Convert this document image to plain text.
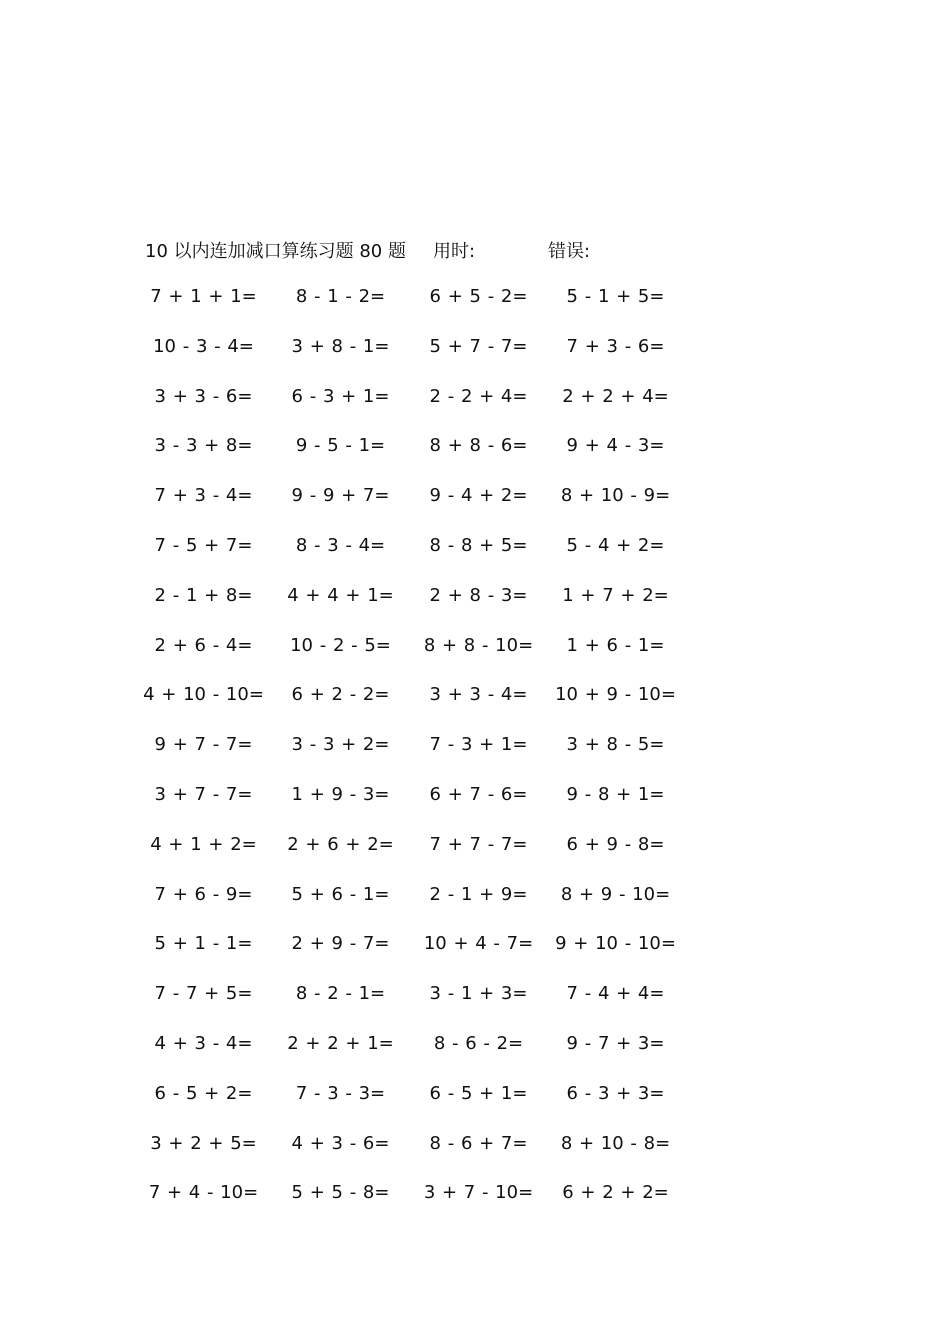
10 以内连加减口算练习题 80 题 用时:	错误:
7 + 1 + 1=	8 - 1 - 2=	6 + 5 - 2=	5 - 1 + 5=
10 - 3 - 4=	3 + 8 - 1=	5 + 7 - 7=	7 + 3 - 6=
3 + 3 - 6=	6 - 3 + 1=	2 - 2 + 4=	2 + 2 + 4=
3 - 3 + 8=	9 - 5 - 1=	8 + 8 - 6=	9 + 4 - 3=
7 + 3 - 4=	9 - 9 + 7=	9 - 4 + 2=	8 + 10 - 9=
7 - 5 + 7=	8 - 3 - 4=	8 - 8 + 5=	5 - 4 + 2=
2 - 1 + 8=	4 + 4 + 1=	2 + 8 - 3=	1 + 7 + 2=
2 + 6 - 4=	10 - 2 - 5=	8 + 8 - 10=	1 + 6 - 1=
4 + 10 - 10=	6 + 2 - 2=	3 + 3 - 4=	10 + 9 - 10=
9 + 7 - 7=	3 - 3 + 2=	7 - 3 + 1=	3 + 8 - 5=
3 + 7 - 7=	1 + 9 - 3=	6 + 7 - 6=	9 - 8 + 1=
4 + 1 + 2=	2 + 6 + 2=	7 + 7 - 7=	6 + 9 - 8=
7 + 6 - 9=	5 + 6 - 1=	2 - 1 + 9=	8 + 9 - 10=
5 + 1 - 1=	2 + 9 - 7=	10 + 4 - 7=	9 + 10 - 10=
7 - 7 + 5=	8 - 2 - 1=	3 - 1 + 3=	7 - 4 + 4=
4 + 3 - 4=	2 + 2 + 1=	8 - 6 - 2=	9 - 7 + 3=
6 - 5 + 2=	7 - 3 - 3=	6 - 5 + 1=	6 - 3 + 3=
3 + 2 + 5=	4 + 3 - 6=	8 - 6 + 7=	8 + 10 - 8=
7 + 4 - 10=	5 + 5 - 8=	3 + 7 - 10=	6 + 2 + 2=
